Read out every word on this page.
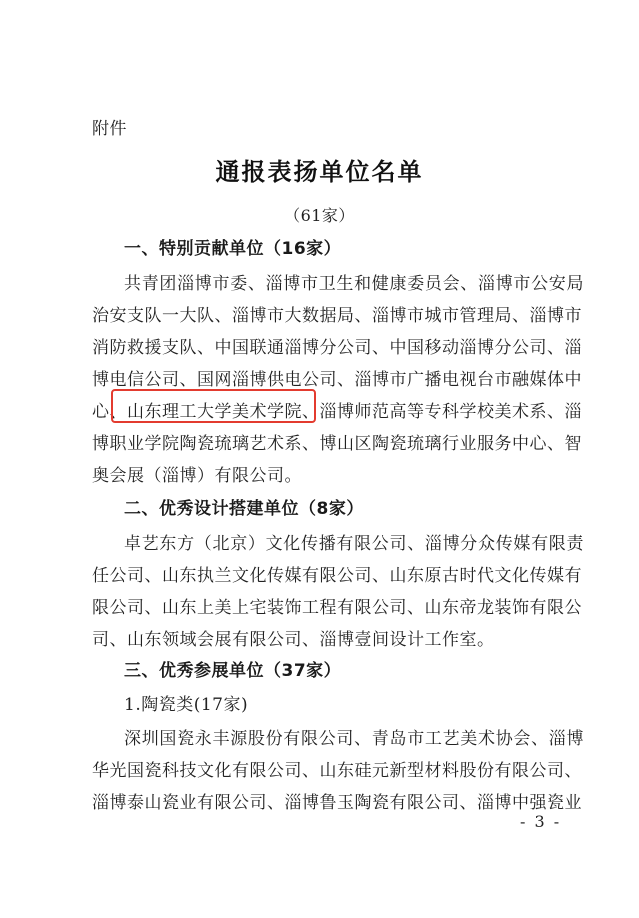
附件
通报表扬单位名单
（61家）
一、特别贡献单位（16家）
共青团淄博市委、淄博市卫生和健康委员会、淄博市公安局
治安支队一大队、淄博市大数据局、淄博市城市管理局、淄博市
消防救援支队、中国联通淄博分公司、中国移动淄博分公司、淄
博电信公司、国网淄博供电公司、淄博市广播电视台市融媒体中
心、山东理工大学美术学院、淄博师范高等专科学校美术系、淄
博职业学院陶瓷琉璃艺术系、博山区陶瓷琉璃行业服务中心、智
奥会展（淄博）有限公司。
二、优秀设计搭建单位（8家）
卓艺东方（北京）文化传播有限公司、淄博分众传媒有限责
任公司、山东执兰文化传媒有限公司、山东原古时代文化传媒有
限公司、山东上美上宅装饰工程有限公司、山东帝龙装饰有限公
司、山东领域会展有限公司、淄博壹间设计工作室。
三、优秀参展单位（37家）
1.陶瓷类(17家)
深圳国瓷永丰源股份有限公司、青岛市工艺美术协会、淄博
华光国瓷科技文化有限公司、山东硅元新型材料股份有限公司、
淄博泰山瓷业有限公司、淄博鲁玉陶瓷有限公司、淄博中强瓷业
- 3 -
